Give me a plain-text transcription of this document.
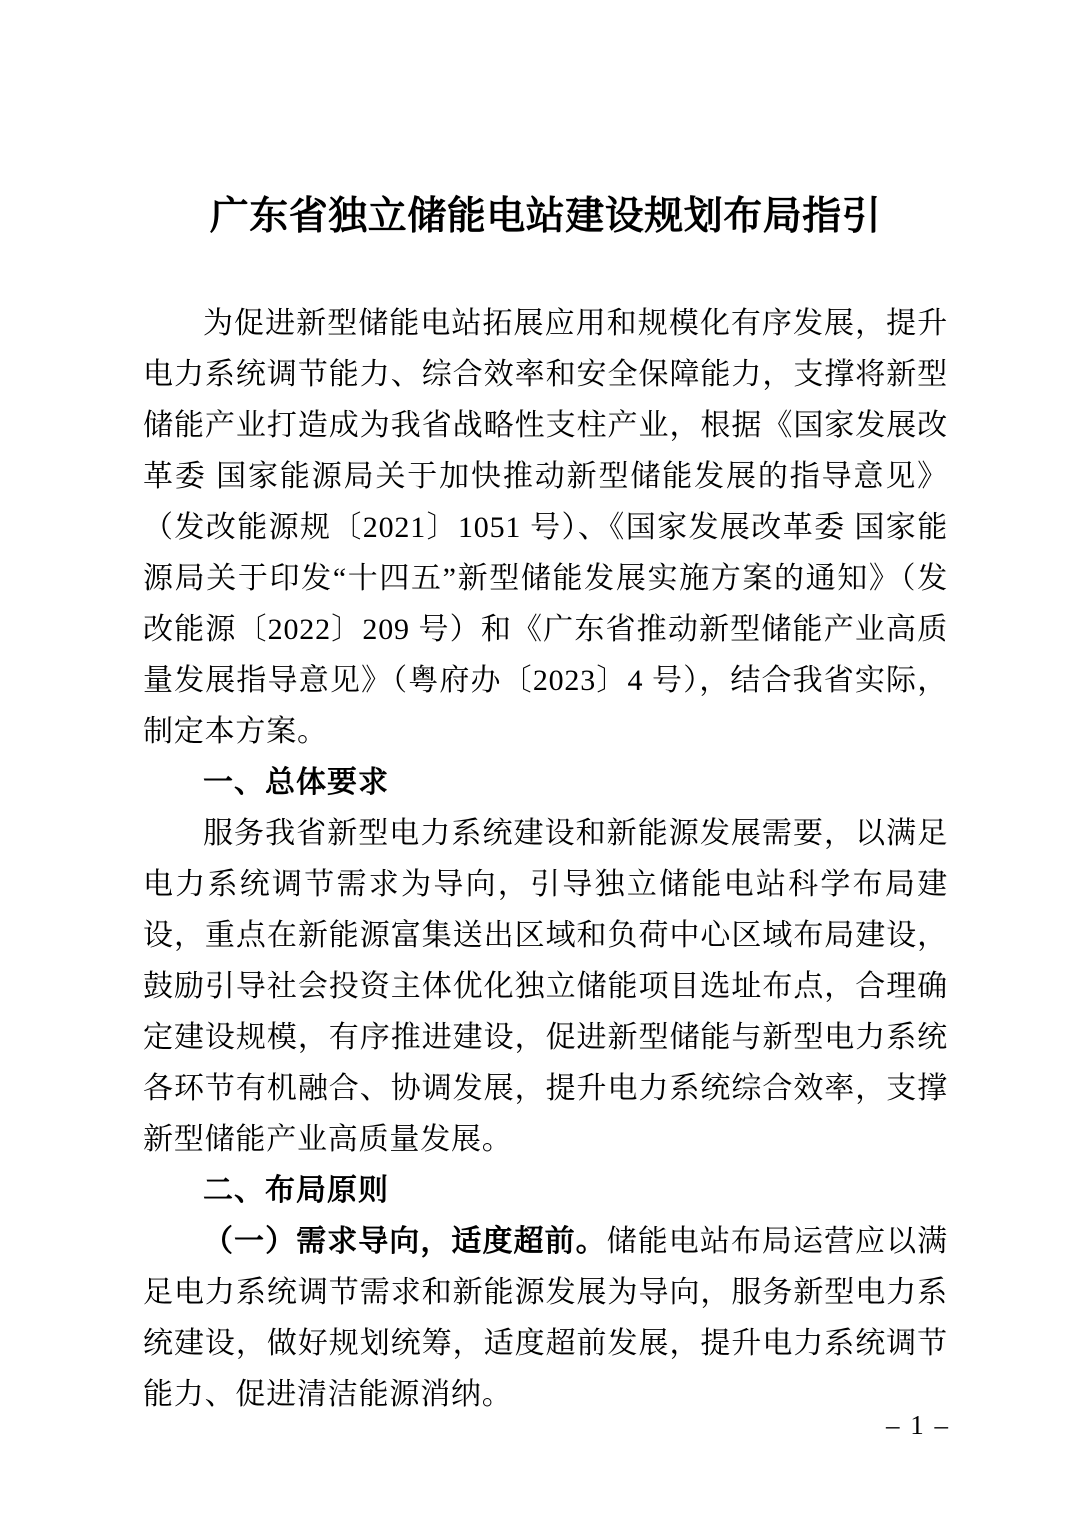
广东省独立储能电站建设规划布局指引

为促进新型储能电站拓展应用和规模化有序发展，提升电力系统调节能力、综合效率和安全保障能力，支撑将新型储能产业打造成为我省战略性支柱产业，根据《国家发展改革委 国家能源局关于加快推动新型储能发展的指导意见》（发改能源规〔2021〕1051 号）、《国家发展改革委 国家能源局关于印发“十四五”新型储能发展实施方案的通知》（发改能源〔2022〕209 号）和《广东省推动新型储能产业高质量发展指导意见》（粤府办〔2023〕4 号），结合我省实际，制定本方案。

一、总体要求

服务我省新型电力系统建设和新能源发展需要，以满足电力系统调节需求为导向，引导独立储能电站科学布局建设，重点在新能源富集送出区域和负荷中心区域布局建设，鼓励引导社会投资主体优化独立储能项目选址布点，合理确定建设规模，有序推进建设，促进新型储能与新型电力系统各环节有机融合、协调发展，提升电力系统综合效率，支撑新型储能产业高质量发展。

二、布局原则

（一）需求导向，适度超前。储能电站布局运营应以满足电力系统调节需求和新能源发展为导向，服务新型电力系统建设，做好规划统筹，适度超前发展，提升电力系统调节能力、促进清洁能源消纳。

– 1 –
